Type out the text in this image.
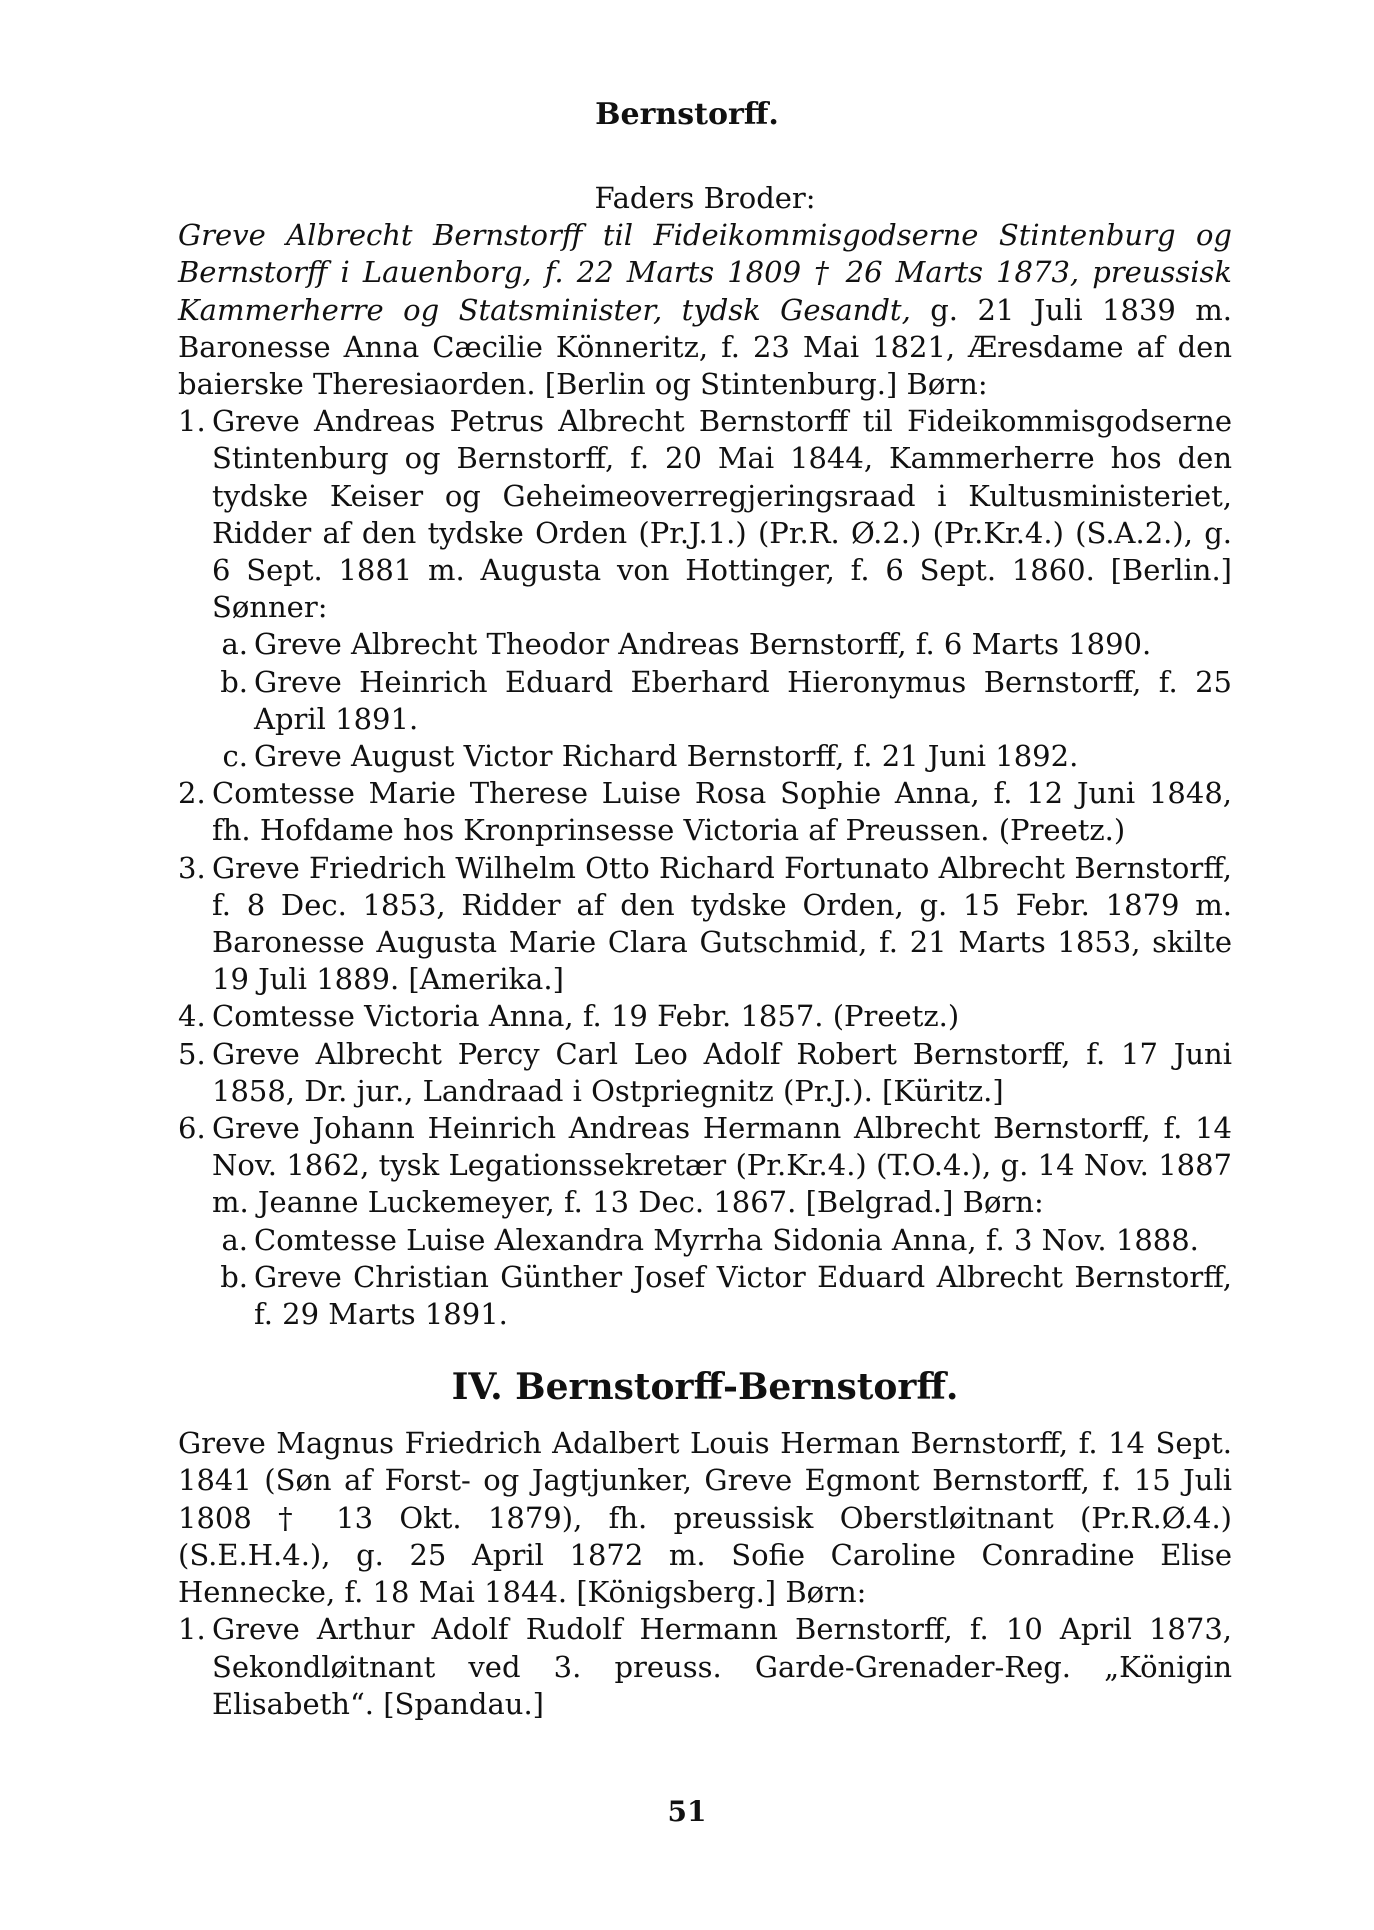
Bernstorff.

Faders Broder:

Greve Albrecht Bernstorff til Fideikommisgodserne Stintenburg og Bernstorff i Lauenborg, f. 22 Marts 1809 † 26 Marts 1873, preussisk Kammerherre og Statsminister, tydsk Gesandt, g. 21 Juli 1839 m. Baronesse Anna Cæcilie Könneritz, f. 23 Mai 1821, Æresdame af den baierske Theresiaorden. [Berlin og Stintenburg.] Børn:

1. Greve Andreas Petrus Albrecht Bernstorff til Fideikommisgodserne Stintenburg og Bernstorff, f. 20 Mai 1844, Kammerherre hos den tydske Keiser og Geheimeoverregjeringsraad i Kultusministeriet, Ridder af den tydske Orden (Pr.J.1.) (Pr.R. Ø.2.) (Pr.Kr.4.) (S.A.2.), g. 6 Sept. 1881 m. Augusta von Hottinger, f. 6 Sept. 1860. [Berlin.] Sønner:
a. Greve Albrecht Theodor Andreas Bernstorff, f. 6 Marts 1890.
b. Greve Heinrich Eduard Eberhard Hieronymus Bernstorff, f. 25 April 1891.
c. Greve August Victor Richard Bernstorff, f. 21 Juni 1892.
2. Comtesse Marie Therese Luise Rosa Sophie Anna, f. 12 Juni 1848, fh. Hofdame hos Kronprinsesse Victoria af Preussen. (Preetz.)
3. Greve Friedrich Wilhelm Otto Richard Fortunato Albrecht Bernstorff, f. 8 Dec. 1853, Ridder af den tydske Orden, g. 15 Febr. 1879 m. Baronesse Augusta Marie Clara Gutschmid, f. 21 Marts 1853, skilte 19 Juli 1889. [Amerika.]
4. Comtesse Victoria Anna, f. 19 Febr. 1857. (Preetz.)
5. Greve Albrecht Percy Carl Leo Adolf Robert Bernstorff, f. 17 Juni 1858, Dr. jur., Landraad i Ostpriegnitz (Pr.J.). [Küritz.]
6. Greve Johann Heinrich Andreas Hermann Albrecht Bernstorff, f. 14 Nov. 1862, tysk Legationssekretær (Pr.Kr.4.) (T.O.4.), g. 14 Nov. 1887 m. Jeanne Luckemeyer, f. 13 Dec. 1867. [Belgrad.] Børn:
a. Comtesse Luise Alexandra Myrrha Sidonia Anna, f. 3 Nov. 1888.
b. Greve Christian Günther Josef Victor Eduard Albrecht Bernstorff, f. 29 Marts 1891.
IV. Bernstorff-Bernstorff.

Greve Magnus Friedrich Adalbert Louis Herman Bernstorff, f. 14 Sept. 1841 (Søn af Forst- og Jagtjunker, Greve Egmont Bernstorff, f. 15 Juli 1808 † 13 Okt. 1879), fh. preussisk Oberstløitnant (Pr.R.Ø.4.) (S.E.H.4.), g. 25 April 1872 m. Sofie Caroline Conradine Elise Hennecke, f. 18 Mai 1844. [Königsberg.] Børn:

1. Greve Arthur Adolf Rudolf Hermann Bernstorff, f. 10 April 1873, Sekondløitnant ved 3. preuss. Garde-Grenader-Reg. „Königin Elisabeth“. [Spandau.]
51
